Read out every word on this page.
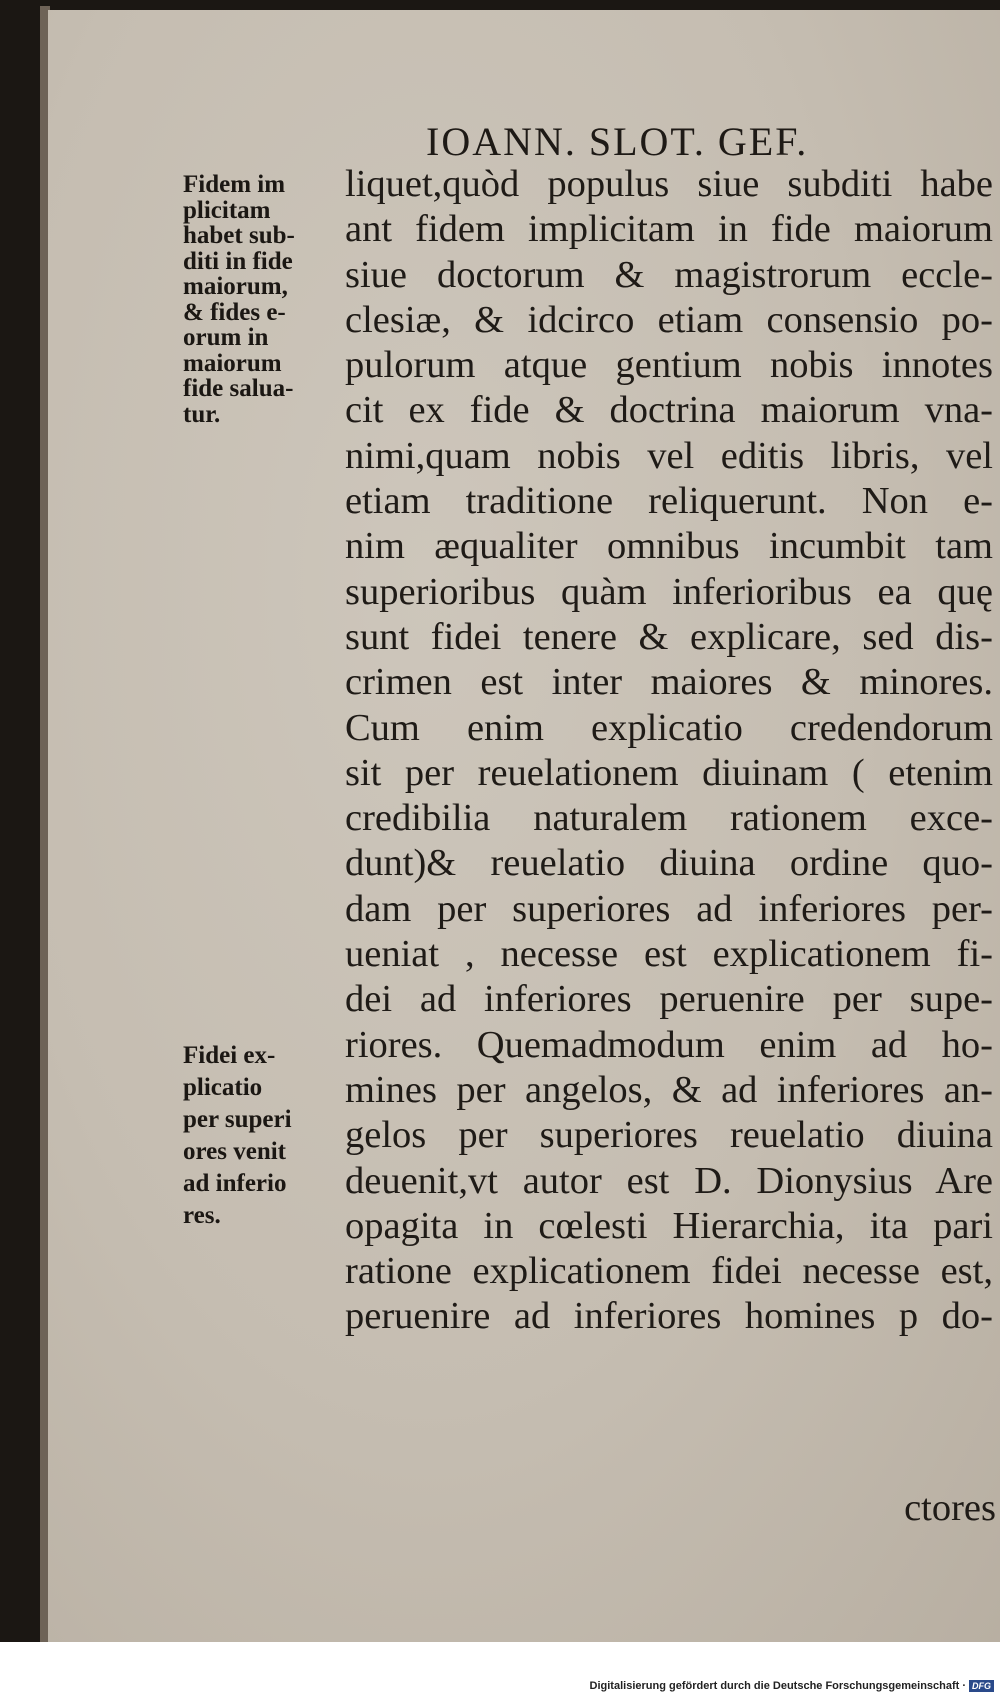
IOANN. SLOT. GEF.
Fidem im
plicitam
habet sub-
diti in fide
maiorum,
& fides e-
orum in
maiorum
fide salua-
tur.
Fidei ex-
plicatio
per superi
ores venit
ad inferio
res.
liquet,quòd populus siue subditi habe
ant fidem implicitam in fide maiorum
siue doctorum & magistrorum eccle-
clesiæ, & idcirco etiam consensio po-
pulorum atque gentium nobis innotes
cit ex fide & doctrina maiorum vna-
nimi,quam nobis vel editis libris, vel
etiam traditione reliquerunt. Non e-
nim æqualiter omnibus incumbit tam
superioribus quàm inferioribus ea quę
sunt fidei tenere & explicare, sed dis-
crimen est inter maiores & minores.
Cum enim explicatio credendorum
sit per reuelationem diuinam ( etenim
credibilia naturalem rationem exce-
dunt)& reuelatio diuina ordine quo-
dam per superiores ad inferiores per-
ueniat , necesse est explicationem fi-
dei ad inferiores peruenire per supe-
riores. Quemadmodum enim ad ho-
mines per angelos, & ad inferiores an-
gelos per superiores reuelatio diuina
deuenit,vt autor est D. Dionysius Are
opagita in cœlesti Hierarchia, ita pari
ratione explicationem fidei necesse est,
peruenire ad inferiores homines p do-
ctores
Digitalisierung gefördert durch die Deutsche Forschungsgemeinschaft · DFG
